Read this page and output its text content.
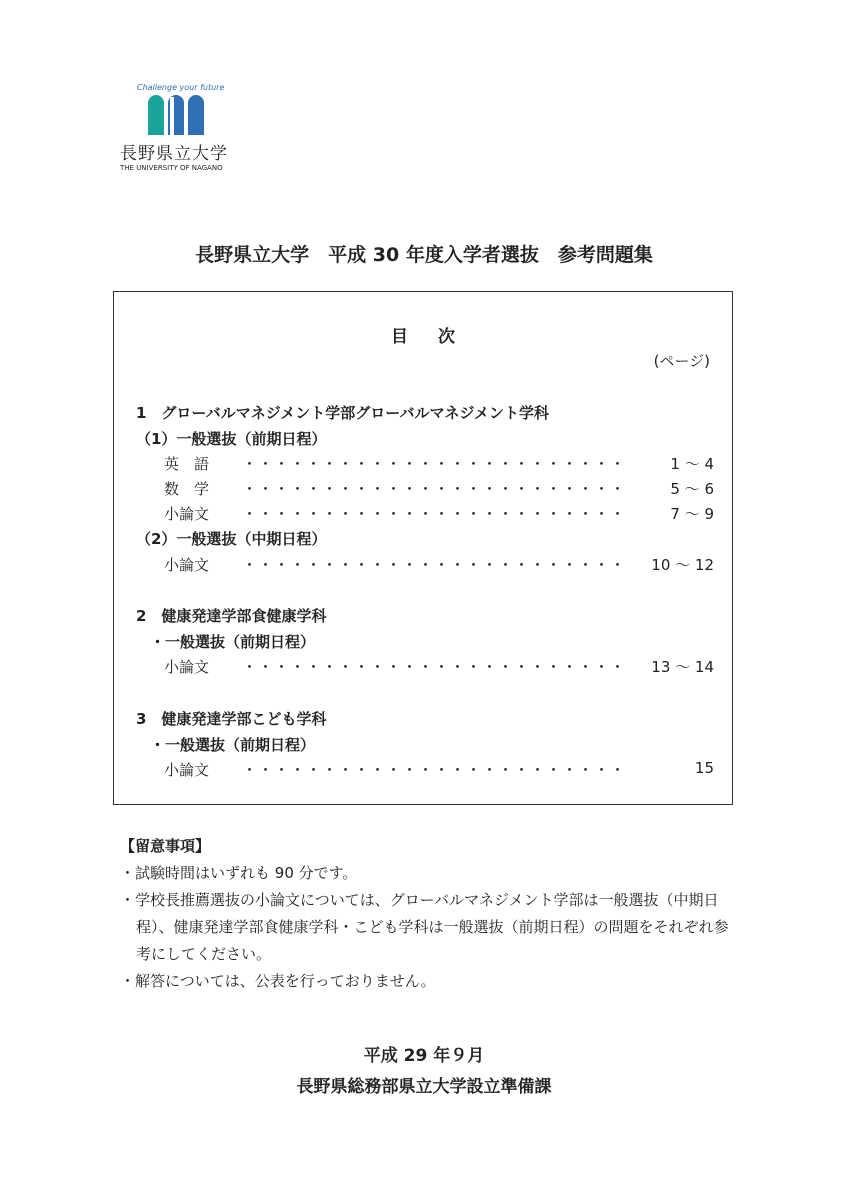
Challenge your future
長野県立大学
THE UNIVERSITY OF NAGANO
長野県立大学　平成 30 年度入学者選抜　参考問題集
目次
(ページ)
1　グローバルマネジメント学部グローバルマネジメント学科
（1）一般選抜（前期日程）
英　語 ・・・・・・・・・・・・・・・・・・・・・・・・	1 ～ 4
数　学 ・・・・・・・・・・・・・・・・・・・・・・・・	5 ～ 6
小論文 ・・・・・・・・・・・・・・・・・・・・・・・・	7 ～ 9
（2）一般選抜（中期日程）
小論文 ・・・・・・・・・・・・・・・・・・・・・・・・ 10 ～ 12
2　健康発達学部食健康学科
・一般選抜（前期日程）
小論文 ・・・・・・・・・・・・・・・・・・・・・・・・ 13 ～ 14
3　健康発達学部こども学科
・一般選抜（前期日程）
小論文 ・・・・・・・・・・・・・・・・・・・・・・・・	15
【留意事項】
・試験時間はいずれも 90 分です。
・学校長推薦選抜の小論文については、グローバルマネジメント学部は一般選抜（中期日程）、健康発達学部食健康学科・こども学科は一般選抜（前期日程）の問題をそれぞれ参考にしてください。
・解答については、公表を行っておりません。
平成 29 年９月
長野県総務部県立大学設立準備課
